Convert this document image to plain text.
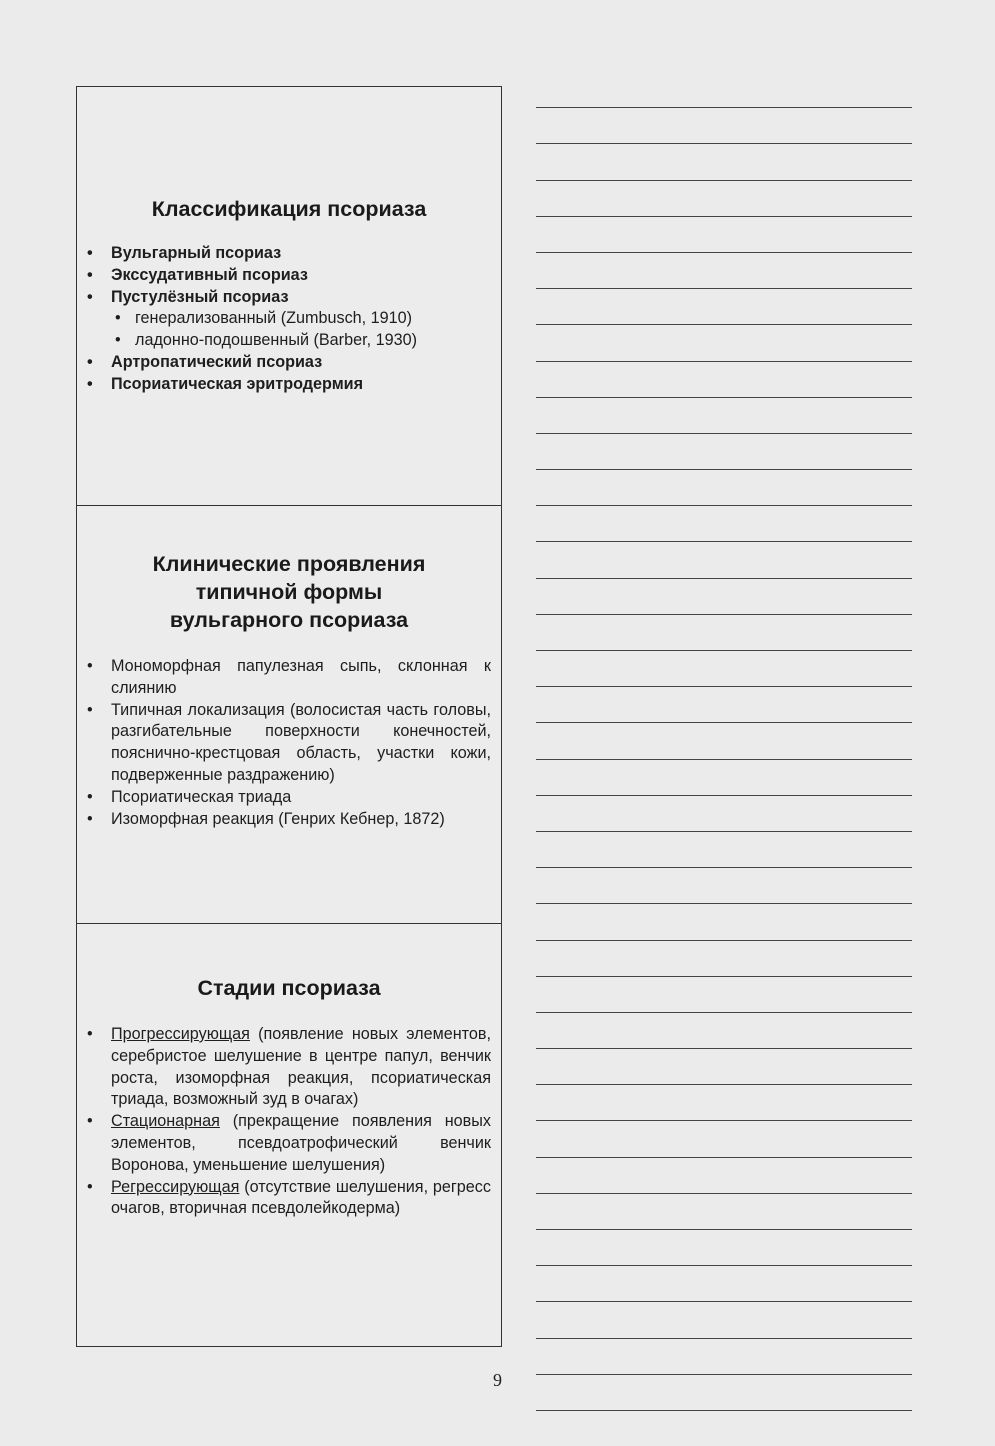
Классификация псориаза
• Вульгарный псориаз
• Экссудативный псориаз
• Пустулёзный псориаз
• генерализованный (Zumbusch, 1910)
• ладонно-подошвенный (Barber, 1930)
• Артропатический псориаз
• Псориатическая эритродермия
Клинические проявления
типичной формы
вульгарного псориаза
• Мономорфная папулезная сыпь, склонная к слиянию
• Типичная локализация (волосистая часть головы, разгибательные поверхности конечностей, пояснично-крестцовая область, участки кожи, подверженные раздражению)
• Псориатическая триада
• Изоморфная реакция (Генрих Кебнер, 1872)
Стадии псориаза
• Прогрессирующая (появление новых элементов, серебристое шелушение в центре папул, венчик роста, изоморфная реакция, псориатическая триада, возможный зуд в очагах)
• Стационарная (прекращение появления новых элементов, псевдоатрофический венчик Воронова, уменьшение шелушения)
• Регрессирующая (отсутствие шелушения, регресс очагов, вторичная псевдолейкодерма)
9
